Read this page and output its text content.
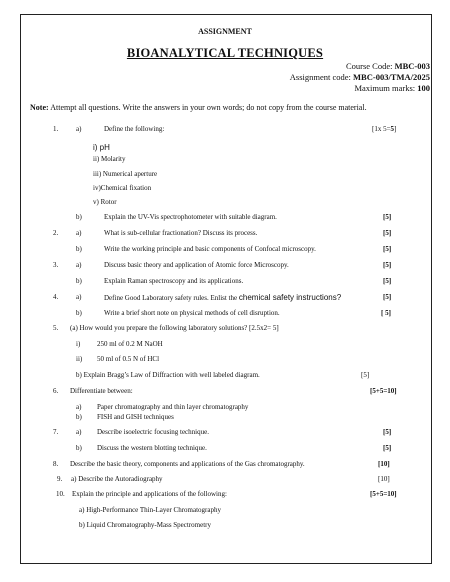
ASSIGNMENT
BIOANALYTICAL TECHNIQUES
Course Code: MBC-003
Assignment code: MBC-003/TMA/2025
Maximum marks: 100
Note: Attempt all questions. Write the answers in your own words; do not copy from the course material.
1.	a)	Define the following:	[1x 5=5]
i) pH
ii) Molarity
iii) Numerical aperture
iv)Chemical fixation
v) Rotor
b)	Explain the UV-Vis spectrophotometer with suitable diagram.	[5]
2.	a)	What is sub-cellular fractionation? Discuss its process.	[5]
b)	Write the working principle and basic components of Confocal microscopy.	[5]
3.	a)	Discuss basic theory and application of Atomic force Microscopy.	[5]
b)	Explain Raman spectroscopy and its applications.	[5]
4.	a)	Define Good Laboratory safety rules. Enlist the chemical safety instructions?	[5]
b)	Write a brief short note on physical methods of cell disruption.	[ 5]
5. (a) How would you prepare the following laboratory solutions? [2.5x2= 5]
i) 250 ml of 0.2 M NaOH
ii) 50 ml of 0.5 N of HCl
b) Explain Bragg’s Law of Diffraction with well labeled diagram.	[5]
6. Differentiate between:	[5+5=10]
a) Paper chromatography and thin layer chromatography
b) FISH and GISH techniques
7.	a) Describe isoelectric focusing technique.	[5]
b) Discuss the western blotting technique.	[5]
8. Describe the basic theory, components and applications of the Gas chromatography.	[10]
9. a) Describe the Autoradiography	[10]
10. Explain the principle and applications of the following:	[5+5=10]
a) High-Performance Thin-Layer Chromatography
b) Liquid Chromatography-Mass Spectrometry
